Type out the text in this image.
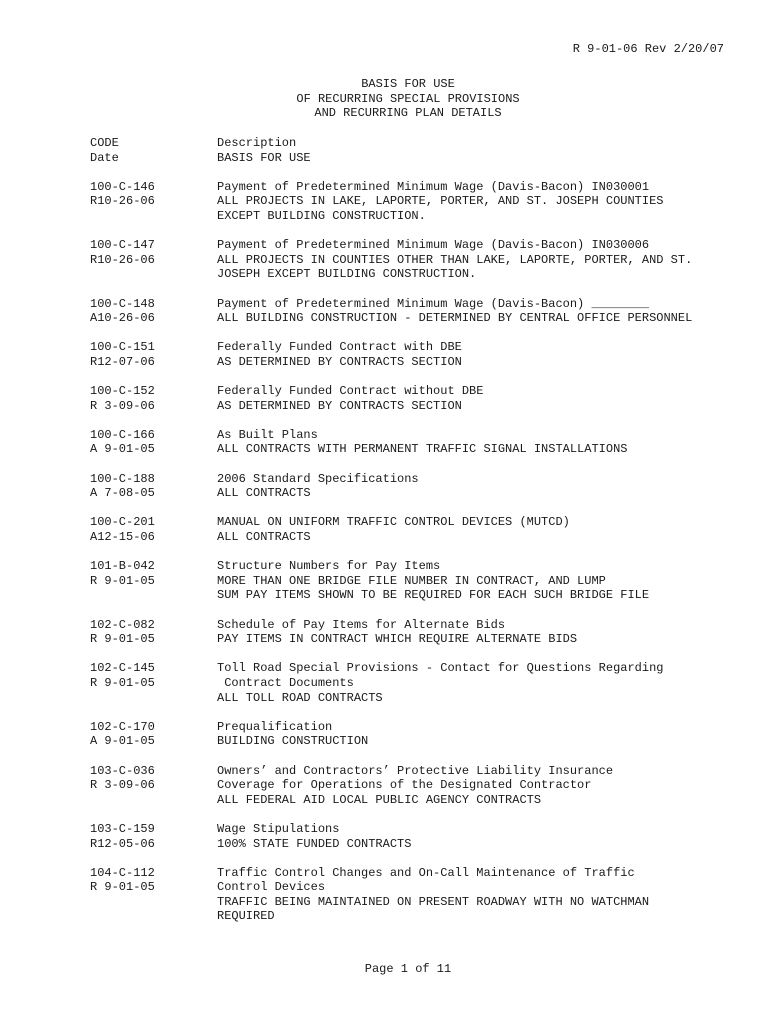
R 9-01-06 Rev 2/20/07
BASIS FOR USE
OF RECURRING SPECIAL PROVISIONS
AND RECURRING PLAN DETAILS
CODE
Date
Description
BASIS FOR USE
100-C-146
R10-26-06
Payment of Predetermined Minimum Wage (Davis-Bacon) IN030001
ALL PROJECTS IN LAKE, LAPORTE, PORTER, AND ST. JOSEPH COUNTIES
EXCEPT BUILDING CONSTRUCTION.
100-C-147
R10-26-06
Payment of Predetermined Minimum Wage (Davis-Bacon) IN030006
ALL PROJECTS IN COUNTIES OTHER THAN LAKE, LAPORTE, PORTER, AND ST.
JOSEPH EXCEPT BUILDING CONSTRUCTION.
100-C-148
A10-26-06
Payment of Predetermined Minimum Wage (Davis-Bacon) ________
ALL BUILDING CONSTRUCTION - DETERMINED BY CENTRAL OFFICE PERSONNEL
100-C-151
R12-07-06
Federally Funded Contract with DBE
AS DETERMINED BY CONTRACTS SECTION
100-C-152
R 3-09-06
Federally Funded Contract without DBE
AS DETERMINED BY CONTRACTS SECTION
100-C-166
A 9-01-05
As Built Plans
ALL CONTRACTS WITH PERMANENT TRAFFIC SIGNAL INSTALLATIONS
100-C-188
A 7-08-05
2006 Standard Specifications
ALL CONTRACTS
100-C-201
A12-15-06
MANUAL ON UNIFORM TRAFFIC CONTROL DEVICES (MUTCD)
ALL CONTRACTS
101-B-042
R 9-01-05
Structure Numbers for Pay Items
MORE THAN ONE BRIDGE FILE NUMBER IN CONTRACT, AND LUMP
SUM PAY ITEMS SHOWN TO BE REQUIRED FOR EACH SUCH BRIDGE FILE
102-C-082
R 9-01-05
Schedule of Pay Items for Alternate Bids
PAY ITEMS IN CONTRACT WHICH REQUIRE ALTERNATE BIDS
102-C-145
R 9-01-05
Toll Road Special Provisions - Contact for Questions Regarding
Contract Documents
ALL TOLL ROAD CONTRACTS
102-C-170
A 9-01-05
Prequalification
BUILDING CONSTRUCTION
103-C-036
R 3-09-06
Owners’ and Contractors’ Protective Liability Insurance
Coverage for Operations of the Designated Contractor
ALL FEDERAL AID LOCAL PUBLIC AGENCY CONTRACTS
103-C-159
R12-05-06
Wage Stipulations
100% STATE FUNDED CONTRACTS
104-C-112
R 9-01-05
Traffic Control Changes and On-Call Maintenance of Traffic
Control Devices
TRAFFIC BEING MAINTAINED ON PRESENT ROADWAY WITH NO WATCHMAN
REQUIRED
Page 1 of 11
